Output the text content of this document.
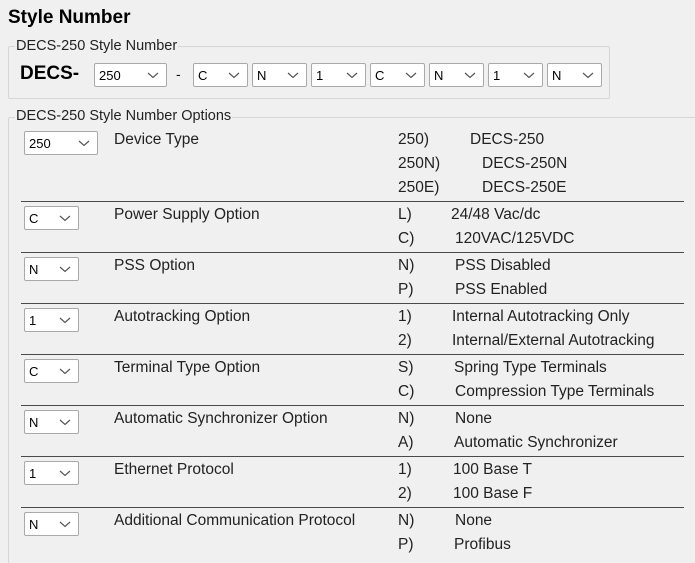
Style Number
DECS-250 Style Number
DECS-	-
250	C	N	1	C	N	1	N
DECS-250 Style Number Options
250	Device Type	250)	DECS-250
250N)	DECS-250N
250E)	DECS-250E
C	Power Supply Option	L)	24/48 Vac/dc
C)	120VAC/125VDC
N	PSS Option	N)	PSS Disabled
P)	PSS Enabled
1	Autotracking Option	1)	Internal Autotracking Only
2)	Internal/External Autotracking
C	Terminal Type Option	S)	Spring Type Terminals
C)	Compression Type Terminals
N	Automatic Synchronizer Option	N)	None
A)	Automatic Synchronizer
1	Ethernet Protocol	1)	100 Base T
2)	100 Base F
N	Additional Communication Protocol	N)	None
P)	Profibus
